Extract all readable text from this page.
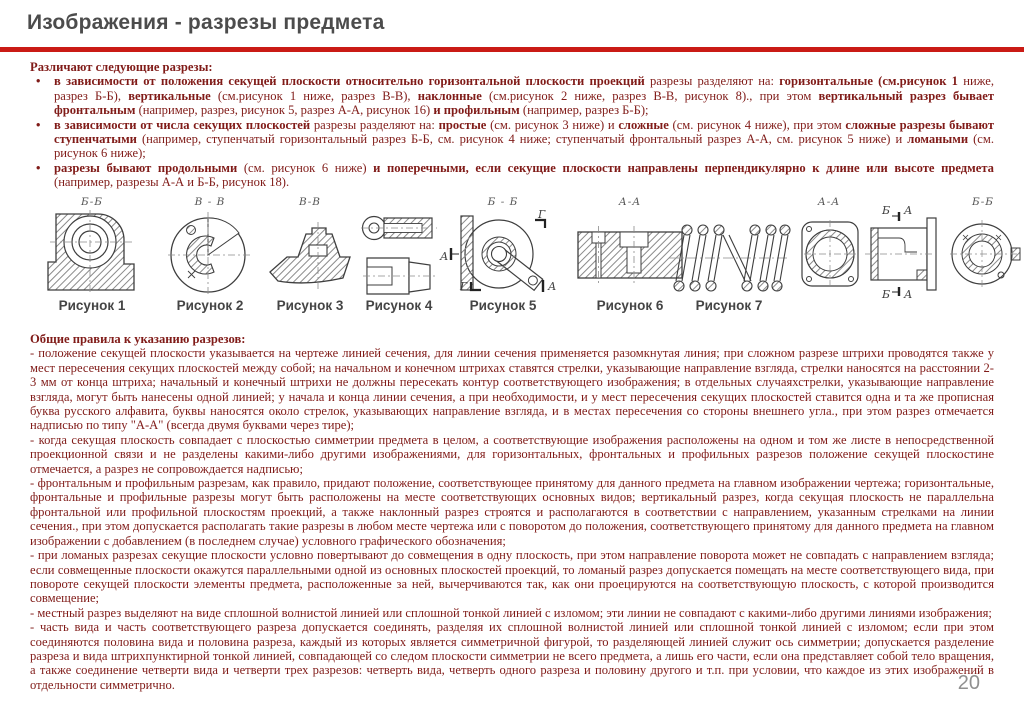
Изображения - разрезы предмета
Различают следующие разрезы:
•	в зависимости от положения секущей плоскости относительно горизонтальной плоскости проекций разрезы разделяют на: горизонтальные (см.рисунок 1 ниже, разрез Б-Б), вертикальные (см.рисунок 1 ниже, разрез В-В), наклонные (см.рисунок 2 ниже, разрез В-В, рисунок 8)., при этом вертикальный разрез бывает фронтальным (например, разрез, рисунок 5, разрез А-А, рисунок 16) и профильным (например, разрез Б-Б);
•	в зависимости от числа секущих плоскостей разрезы разделяют на: простые (см. рисунок 3 ниже) и сложные (см. рисунок 4 ниже), при этом сложные разрезы бывают ступенчатыми (например, ступенчатый горизонтальный разрез Б-Б, см. рисунок 4 ниже; ступенчатый фронтальный разрез А-А, см. рисунок 5 ниже) и ломаными (см. рисунок 6 ниже);
•	разрезы бывают продольными (см. рисунок 6 ниже) и поперечными, если секущие плоскости направлены перпендикулярно к длине или высоте предмета (например, разрезы А-А и Б-Б, рисунок 18).
Б-Б
Рисунок 1
В - В
Рисунок 2
В-В
Рисунок 3	Рисунок 4
Б - Б
А
Г
Г	А
Рисунок 5
А-А
Рисунок 6	Рисунок 7
А-А	Б-Б
Б А
Б А
Общие правила к указанию разрезов:

- положение секущей плоскости указывается на чертеже линией сечения, для линии сечения применяется разомкнутая линия; при сложном разрезе штрихи проводятся также у мест пересечения секущих плоскостей между собой; на начальном и конечном штрихах ставятся стрелки, указывающие направление взгляда, стрелки наносятся на расстоянии 2-3 мм от конца штриха; начальный и конечный штрихи не должны пересекать контур соответствующего изображения; в отдельных случаяхстрелки, указывающие направление взгляда, могут быть нанесены одной линией; у начала и конца линии сечения, а при необходимости, и у мест пересечения секущих плоскостей ставится одна и та же прописная буква русского алфавита, буквы наносятся около стрелок, указывающих направление взгляда, и в местах пересечения со стороны внешнего угла., при этом разрез отмечается надписью по типу "А-А" (всегда двумя буквами через тире);

- когда секущая плоскость совпадает с плоскостью симметрии предмета в целом, а соответствующие изображения расположены на одном и том же листе в непосредственной проекционной связи и не разделены какими-либо другими изображениями, для горизонтальных, фронтальных и профильных разрезов положение секущей плоскостине отмечается, а разрез не сопровождается надписью;

- фронтальным и профильным разрезам, как правило, придают положение, соответствующее принятому для данного предмета на главном изображении чертежа; горизонтальные, фронтальные и профильные разрезы могут быть расположены на месте соответствующих основных видов; вертикальный разрез, когда секущая плоскость не параллельна фронтальной или профильной плоскостям проекций, а также наклонный разрез строятся и располагаются в соответствии с направлением, указанным стрелками на линии сечения., при этом допускается располагать такие разрезы в любом месте чертежа или с поворотом до положения, соответствующего принятому для данного предмета на главном изображении с добавлением (в последнем случае) условного графического обозначения;

- при ломаных разрезах секущие плоскости условно повертывают до совмещения в одну плоскость, при этом направление поворота может не совпадать с направлением взгляда; если совмещенные плоскости окажутся параллельными одной из основных плоскостей проекций, то ломаный разрез допускается помещать на месте соответствующего вида, при повороте секущей плоскости элементы предмета, расположенные за ней, вычерчиваются так, как они проецируются на соответствующую плоскость, с которой производится совмещение;

- местный разрез выделяют на виде сплошной волнистой линией или сплошной тонкой линией с изломом; эти линии не совпадают с какими-либо другими линиями изображения;

- часть вида и часть соответствующего разреза допускается соединять, разделяя их сплошной волнистой линией или сплошной тонкой линией с изломом; если при этом соединяются половина вида и половина разреза, каждый из которых является симметричной фигурой, то разделяющей линией служит ось симметрии; допускается разделение разреза и вида штрихпунктирной тонкой линией, совпадающей со следом плоскости симметрии не всего предмета, а лишь его части, если она представляет собой тело вращения, а также соединение четверти вида и четверти трех разрезов: четверть вида, четверть одного разреза и половину другого и т.п. при условии, что каждое из этих изображений в отдельности симметрично.	20
